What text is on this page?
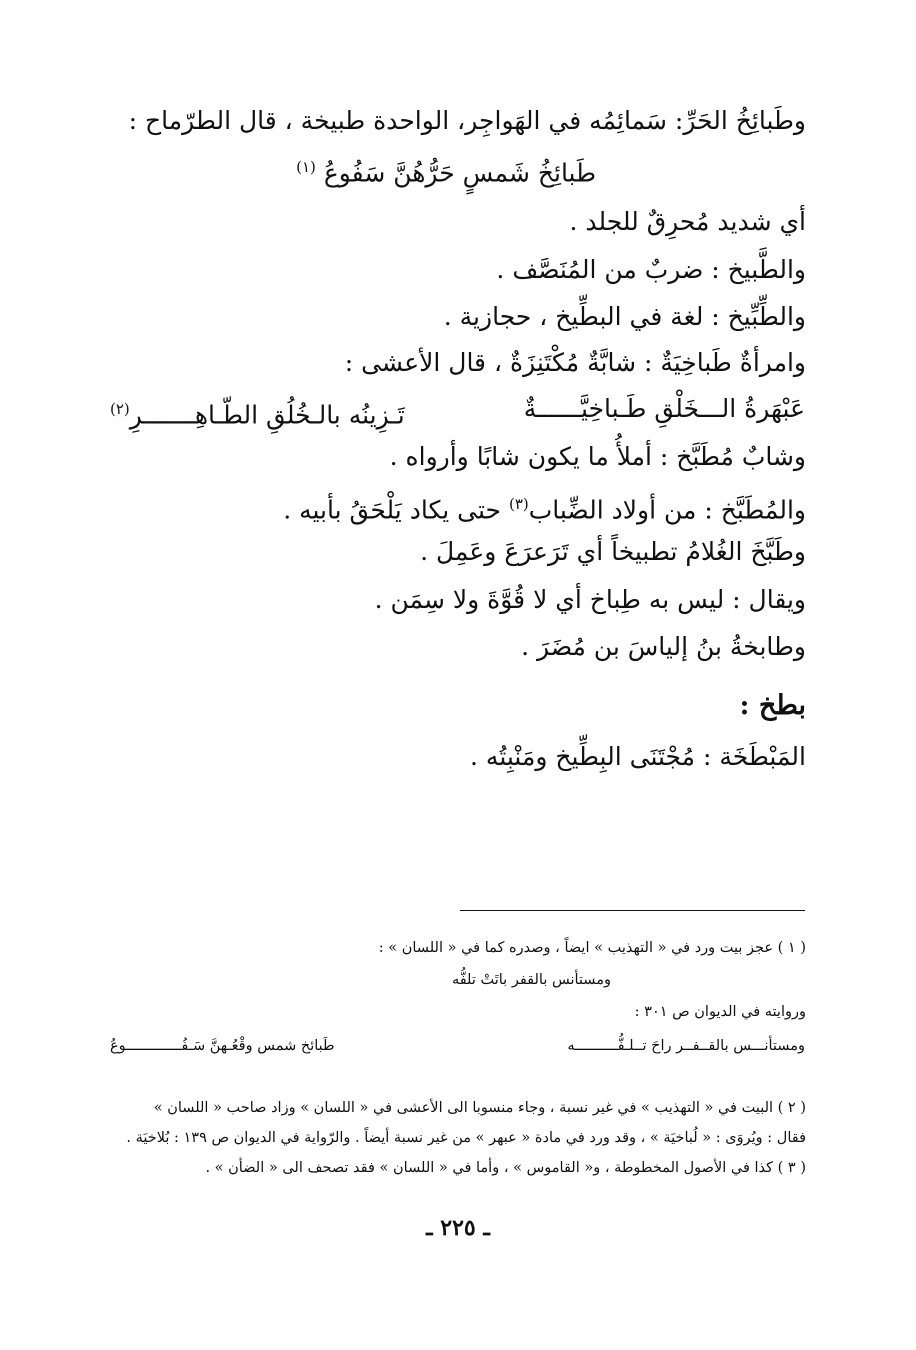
وطَبائِخُ الحَرِّ: سَمائِمُه في الهَواجِر، الواحدة طبيخة ، قال الطرّماح :
طَبائِخُ شَمسٍ حَرُّهُنَّ سَفُوعُ $^{(١)}$
أي شديد مُحرِقٌ للجلد .
والطَّبيخ : ضربٌ من المُنَصَّف .
والطِّبِّيخ : لغة في البطِّيخ ، حجازية .
وامرأةٌ طَباخِيَةٌ : شابَّةٌ مُكْتَنِزَةٌ ، قال الأعشى :
عَبْهَرةُ الـــخَلْقِ طَـباخِيَّــــــةٌ
تَـزِينُه بالـخُلُقِ الطّـاهِـــــــرِ$^{(٢)}$
وشابٌ مُطَبَّخ : أملأُ ما يكون شابًا وأرواه .
والمُطَبَّخ : من أولاد الضِّباب$^{(٣)}$ حتى يكاد يَلْحَقُ بأبيه .
وطَبَّخَ الغُلامُ تطبيخاً أي تَرَعرَعَ وعَمِلَ .
ويقال : ليس به طِباخ أي لا قُوَّةَ ولا سِمَن .
وطابخةُ بنُ إلياسَ بن مُضَرَ .
بطخ :
المَبْطَخَة : مُجْتَنَى البِطِّيخ ومَنْبِتُه .
( ١ ) عجز بيت ورد في « التهذيب » ايضاً ، وصدره كما في « اللسان » :
ومستأنس بالقفر باتَتْ تلفُّه
وروايته في الديوان ص ٣٠١ :
ومستأنـــس بالقــفــر راحَ تــلـفُّــــــــــه
طَبائخ شمس وقْعُـهنَّ سَـفُـــــــــــــوعُ
( ٢ ) البيت في « التهذيب » في غير نسبة ، وجاء منسوبا الى الأعشى في « اللسان » وزاد صاحب « اللسان »
فقال : ويُروَى : « لُباخيَة » ، وقد ورد في مادة « عبهر » من غير نسبة أيضاً . والرّواية في الديوان ص ١٣٩ : بُلاخيَة .
( ٣ ) كذا في الأصول المخطوطة ، و« القاموس » ، وأما في « اللسان » فقد تصحف الى « الضأن » .
ـ ٢٢٥ ـ
